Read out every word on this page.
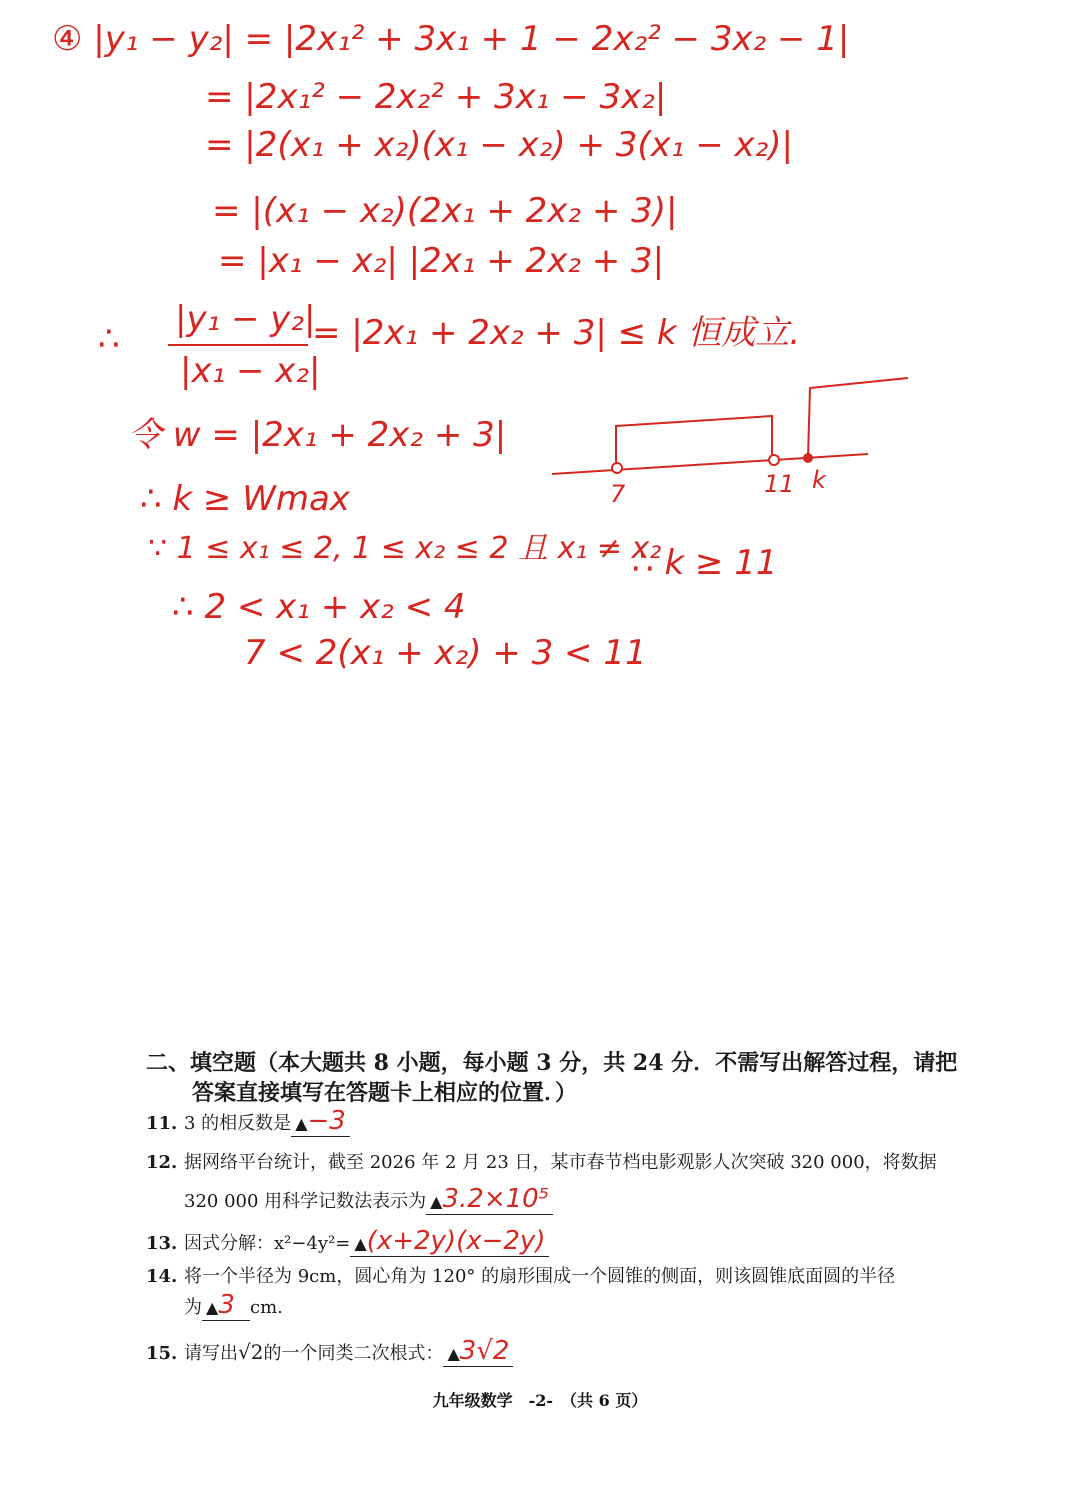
④ |y₁ − y₂| = |2x₁² + 3x₁ + 1 − 2x₂² − 3x₂ − 1|
= |2x₁² − 2x₂² + 3x₁ − 3x₂|
= |2(x₁ + x₂)(x₁ − x₂) + 3(x₁ − x₂)|
= |(x₁ − x₂)(2x₁ + 2x₂ + 3)|
= |x₁ − x₂| |2x₁ + 2x₂ + 3|
∴ |y₁ − y₂|
|x₁ − x₂|
= |2x₁ + 2x₂ + 3| ≤ k 恒成立.
令 w = |2x₁ + 2x₂ + 3|
∴ k ≥ Wmax
∵ 1 ≤ x₁ ≤ 2, 1 ≤ x₂ ≤ 2 且 x₁ ≠ x₂
∴ 2 < x₁ + x₂ < 4
7 < 2(x₁ + x₂) + 3 < 11
∴ k ≥ 11
7	11 k
二、填空题（本大题共 8 小题，每小题 3 分，共 24 分．不需写出解答过程，请把
答案直接填写在答题卡上相应的位置．）
11. 3 的相反数是 ▲−3
12. 据网络平台统计，截至 2026 年 2 月 23 日，某市春节档电影观影人次突破 320 000，将数据
320 000 用科学记数法表示为 ▲3.2×10⁵
13. 因式分解：x²−4y²= ▲(x+2y)(x−2y)
14. 将一个半径为 9cm，圆心角为 120° 的扇形围成一个圆锥的侧面，则该圆锥底面圆的半径
为 ▲3 cm.
15. 请写出√2的一个同类二次根式： ▲3√2
九年级数学　-2-　（共 6 页）
